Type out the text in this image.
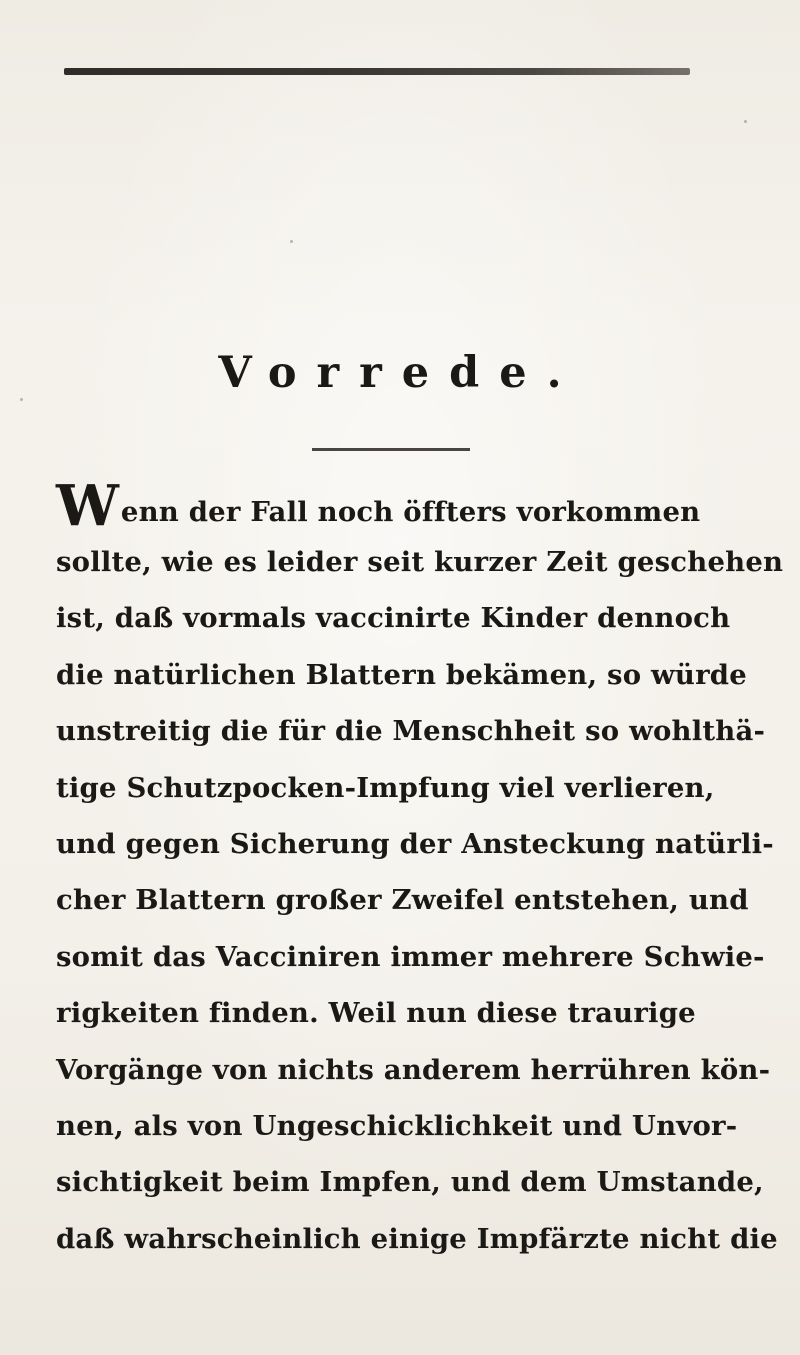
Vorrede.
Wenn der Fall noch öffters vorkommen
sollte, wie es leider seit kurzer Zeit geschehen
ist, daß vormals vaccinirte Kinder dennoch
die natürlichen Blattern bekämen, so würde
unstreitig die für die Menschheit so wohlthä-
tige Schutzpocken-Impfung viel verlieren,
und gegen Sicherung der Ansteckung natürli-
cher Blattern großer Zweifel entstehen, und
somit das Vacciniren immer mehrere Schwie-
rigkeiten finden. Weil nun diese traurige
Vorgänge von nichts anderem herrühren kön-
nen, als von Ungeschicklichkeit und Unvor-
sichtigkeit beim Impfen, und dem Umstande,
daß wahrscheinlich einige Impfärzte nicht die
